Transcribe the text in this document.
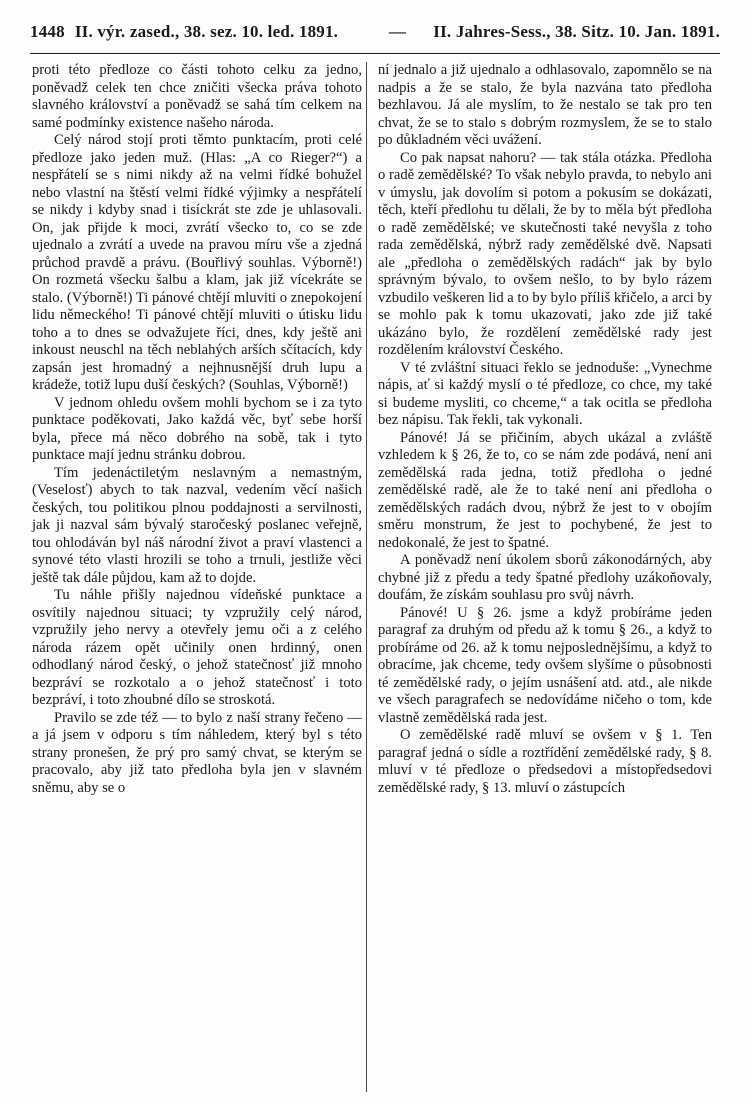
1448 II. výr. zased., 38. sez. 10. led. 1891.	—	II. Jahres-Sess., 38. Sitz. 10. Jan. 1891.

proti této předloze co části tohoto celku za jedno, poněvadž celek ten chce zničiti všecka práva tohoto slavného království a poněvadž se sahá tím celkem na samé podmínky existence našeho národa.

Celý národ stojí proti těmto punktacím, proti celé předloze jako jeden muž. (Hlas: „A co Rieger?“) a nespřátelí se s nimi nikdy až na velmi řídké bohužel nebo vlastní na štěstí velmi řídké výjimky a nespřátelí se nikdy i kdyby snad i tisíckrát ste zde je uhlasovali. On, jak přijde k moci, zvrátí všecko to, co se zde ujednalo a zvrátí a uvede na pravou míru vše a zjedná průchod pravdě a právu. (Bouřlivý souhlas. Výborně!) On rozmetá všecku šalbu a klam, jak již vícekráte se stalo. (Výborně!) Ti pánové chtějí mluviti o znepokojení lidu německého! Ti pánové chtějí mluviti o útisku lidu toho a to dnes se odvažujete říci, dnes, kdy ještě ani inkoust neuschl na těch neblahých arších sčítacích, kdy zapsán jest hromadný a nejhnusnější druh lupu a krádeže, totiž lupu duší českých? (Souhlas, Výborně!)

V jednom ohledu ovšem mohli bychom se i za tyto punktace poděkovati, Jako každá věc, byť sebe horší byla, přece má něco dobrého na sobě, tak i tyto punktace mají jednu stránku dobrou.

Tím jedenáctiletým neslavným a nemastným, (Veselosť) abych to tak nazval, vedením věcí našich českých, tou politikou plnou poddajnosti a servilnosti, jak ji nazval sám bývalý staročeský poslanec veřejně, tou ohlodáván byl náš národní život a praví vlastenci a synové této vlasti hrozili se toho a trnuli, jestliže věci ještě tak dále půjdou, kam až to dojde.

Tu náhle přišly najednou vídeňské punktace a osvítily najednou situaci; ty vzpružily celý národ, vzpružily jeho nervy a otevřely jemu oči a z celého národa rázem opět učinily onen hrdinný, onen odhodlaný národ český, o jehož statečnosť již mnoho bezpráví se rozkotalo a o jehož statečnosť i toto bezpráví, i toto zhoubné dílo se stroskotá.

Pravilo se zde též — to bylo z naší strany řečeno — a já jsem v odporu s tím náhledem, který byl s této strany pronešen, že prý pro samý chvat, se kterým se pracovalo, aby již tato předloha byla jen v slavném sněmu, aby se o

ní jednalo a již ujednalo a odhlasovalo, zapomnělo se na nadpis a že se stalo, že byla nazvána tato předloha bezhlavou. Já ale myslím, to že nestalo se tak pro ten chvat, že se to stalo s dobrým rozmyslem, že se to stalo po důkladném věci uvážení.

Co pak napsat nahoru? — tak stála otázka. Předloha o radě zemědělské? To však nebylo pravda, to nebylo ani v úmyslu, jak dovolím si potom a pokusím se dokázati, těch, kteří předlohu tu dělali, že by to měla být předloha o radě zemědělské; ve skutečnosti také nevyšla z toho rada zemědělská, nýbrž rady zemědělské dvě. Napsati ale „předloha o zemědělských radách“ jak by bylo správným bývalo, to ovšem nešlo, to by bylo rázem vzbudilo veškeren lid a to by bylo příliš křičelo, a arci by se mohlo pak k tomu ukazovati, jako zde již také ukázáno bylo, že rozdělení zemědělské rady jest rozdělením království Českého.

V té zvláštní situaci řeklo se jednoduše: „Vynechme nápis, ať si každý myslí o té předloze, co chce, my také si budeme mysliti, co chceme,“ a tak ocitla se předloha bez nápisu. Tak řekli, tak vykonali.

Pánové! Já se přičiním, abych ukázal a zvláště vzhledem k § 26, že to, co se nám zde podává, není ani zemědělská rada jedna, totiž předloha o jedné zemědělské radě, ale že to také není ani předloha o zemědělských radách dvou, nýbrž že jest to v obojím směru monstrum, že jest to pochybené, že jest to nedokonalé, že jest to špatné.

A poněvadž není úkolem sborů zákonodárných, aby chybné již z předu a tedy špatné předlohy uzákoňovaly, doufám, že získám souhlasu pro svůj návrh.

Pánové! U § 26. jsme a když probíráme jeden paragraf za druhým od předu až k tomu § 26., a když to probíráme od 26. až k tomu nejposlednějšímu, a když to obracíme, jak chceme, tedy ovšem slyšíme o působnosti té zemědělské rady, o jejím usnášení atd. atd., ale nikde ve všech paragrafech se nedovídáme ničeho o tom, kde vlastně zemědělská rada jest.

O zemědělské radě mluví se ovšem v § 1. Ten paragraf jedná o sídle a roztřídění zemědělské rady, § 8. mluví v té předloze o předsedovi a místopředsedovi zemědělské rady, § 13. mluví o zástupcích
